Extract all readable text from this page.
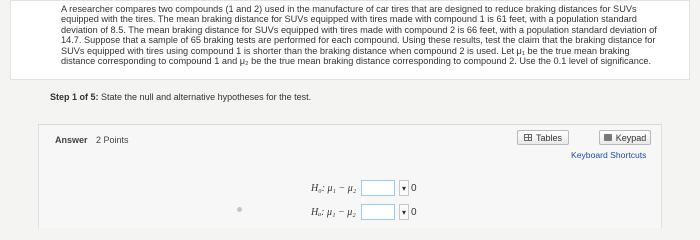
A researcher compares two compounds (1 and 2) used in the manufacture of car tires that are designed to reduce braking distances for SUVs equipped with the tires. The mean braking distance for SUVs equipped with tires made with compound 1 is 61 feet, with a population standard deviation of 8.5. The mean braking distance for SUVs equipped with tires made with compound 2 is 66 feet, with a population standard deviation of 14.7. Suppose that a sample of 65 braking tests are performed for each compound. Using these results, test the claim that the braking distance for SUVs equipped with tires using compound 1 is shorter than the braking distance when compound 2 is used. Let μ₁ be the true mean braking distance corresponding to compound 1 and μ₂ be the true mean braking distance corresponding to compound 2. Use the 0.1 level of significance.
Step 1 of 5: State the null and alternative hypotheses for the test.
Answer 2 Points	Tables	Keypad
Keyboard Shortcuts
H₀: μ₁ − μ₂	▾ 0
Hₐ: μ₁ − μ₂	▾ 0
